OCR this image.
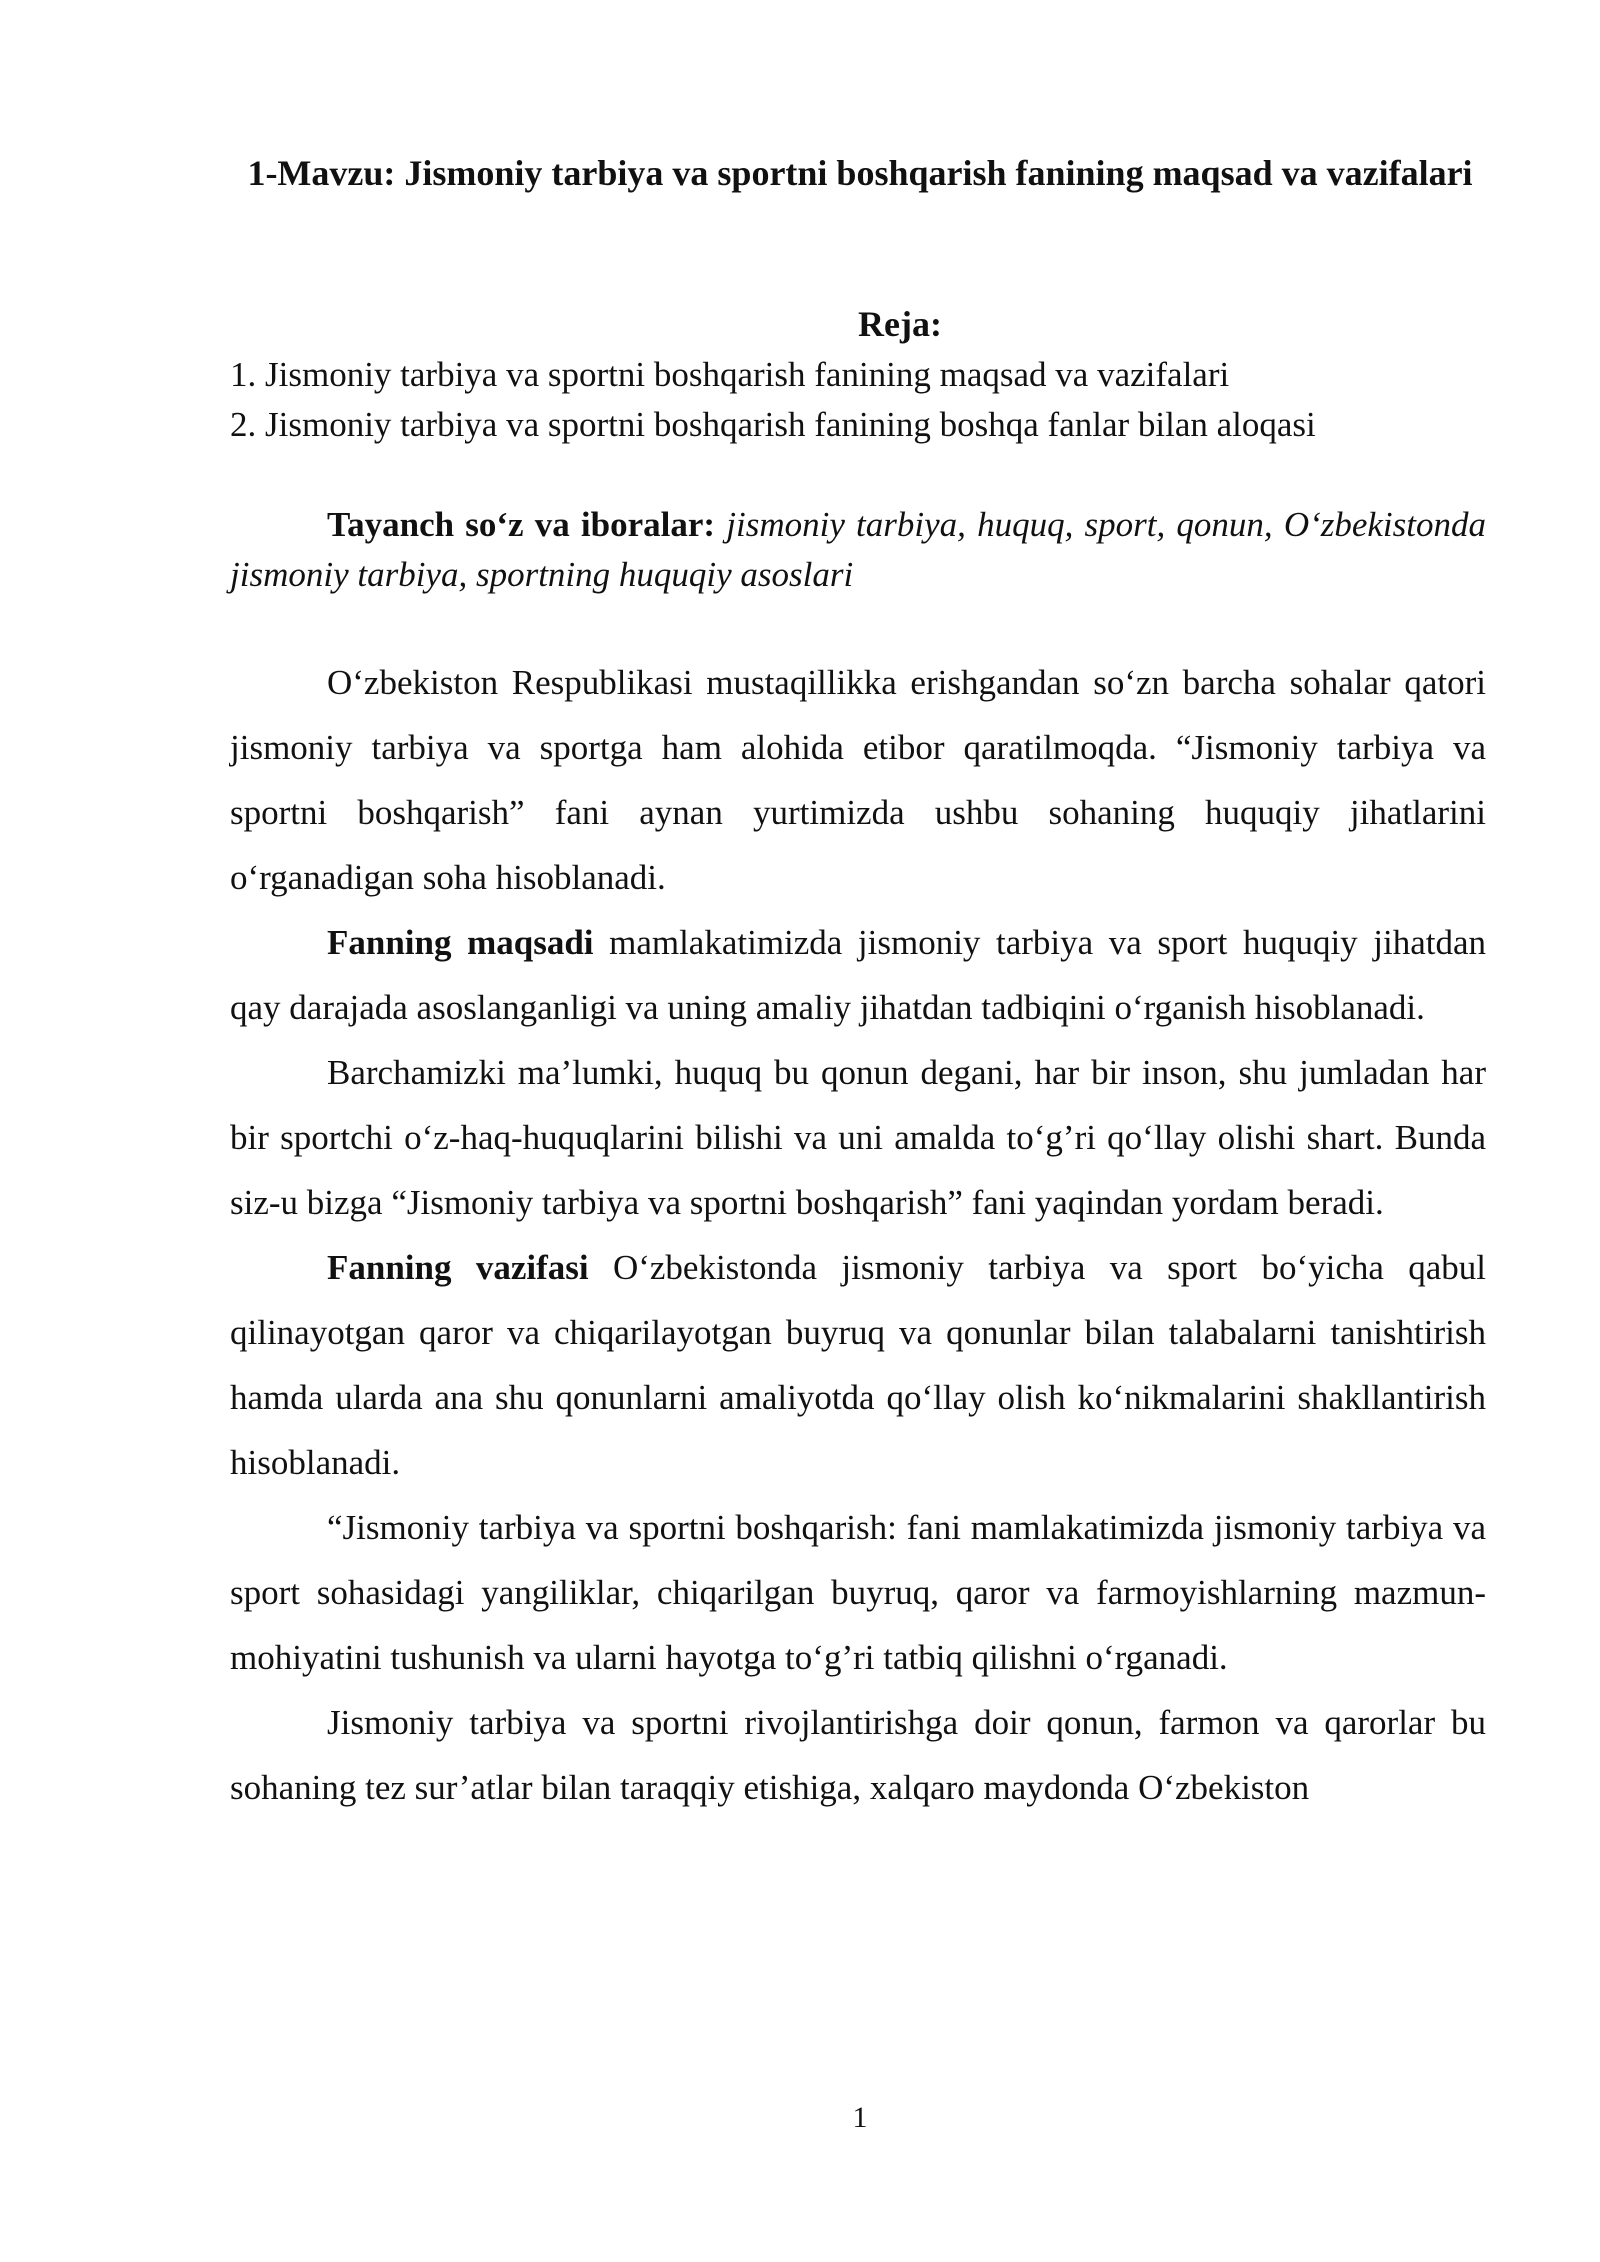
1-Mavzu: Jismoniy tarbiya va sportni boshqarish fanining maqsad va vazifalari
Reja:
1. Jismoniy tarbiya va sportni boshqarish fanining maqsad va vazifalari
2. Jismoniy tarbiya va sportni boshqarish fanining boshqa fanlar bilan aloqasi
Tayanch so‘z va iboralar: jismoniy tarbiya, huquq, sport, qonun, O‘zbekistonda jismoniy tarbiya, sportning huquqiy asoslari

O‘zbekiston Respublikasi mustaqillikka erishgandan so‘zn barcha sohalar qatori jismoniy tarbiya va sportga ham alohida etibor qaratilmoqda. “Jismoniy tarbiya va sportni boshqarish” fani aynan yurtimizda ushbu sohaning huquqiy jihatlarini o‘rganadigan soha hisoblanadi.

Fanning maqsadi mamlakatimizda jismoniy tarbiya va sport huquqiy jihatdan qay darajada asoslanganligi va uning amaliy jihatdan tadbiqini o‘rganish hisoblanadi.

Barchamizki ma’lumki, huquq bu qonun degani, har bir inson, shu jumladan har bir sportchi o‘z-haq-huquqlarini bilishi va uni amalda to‘g’ri qo‘llay olishi shart. Bunda siz-u bizga “Jismoniy tarbiya va sportni boshqarish” fani yaqindan yordam beradi.

Fanning vazifasi O‘zbekistonda jismoniy tarbiya va sport bo‘yicha qabul qilinayotgan qaror va chiqarilayotgan buyruq va qonunlar bilan talabalarni tanishtirish hamda ularda ana shu qonunlarni amaliyotda qo‘llay olish ko‘nikmalarini shakllantirish hisoblanadi.

“Jismoniy tarbiya va sportni boshqarish: fani mamlakatimizda jismoniy tarbiya va sport sohasidagi yangiliklar, chiqarilgan buyruq, qaror va farmoyishlarning mazmun-mohiyatini tushunish va ularni hayotga to‘g’ri tatbiq qilishni o‘rganadi.

Jismoniy tarbiya va sportni rivojlantirishga doir qonun, farmon va qarorlar bu sohaning tez sur’atlar bilan taraqqiy etishiga, xalqaro maydonda O‘zbekiston

1
